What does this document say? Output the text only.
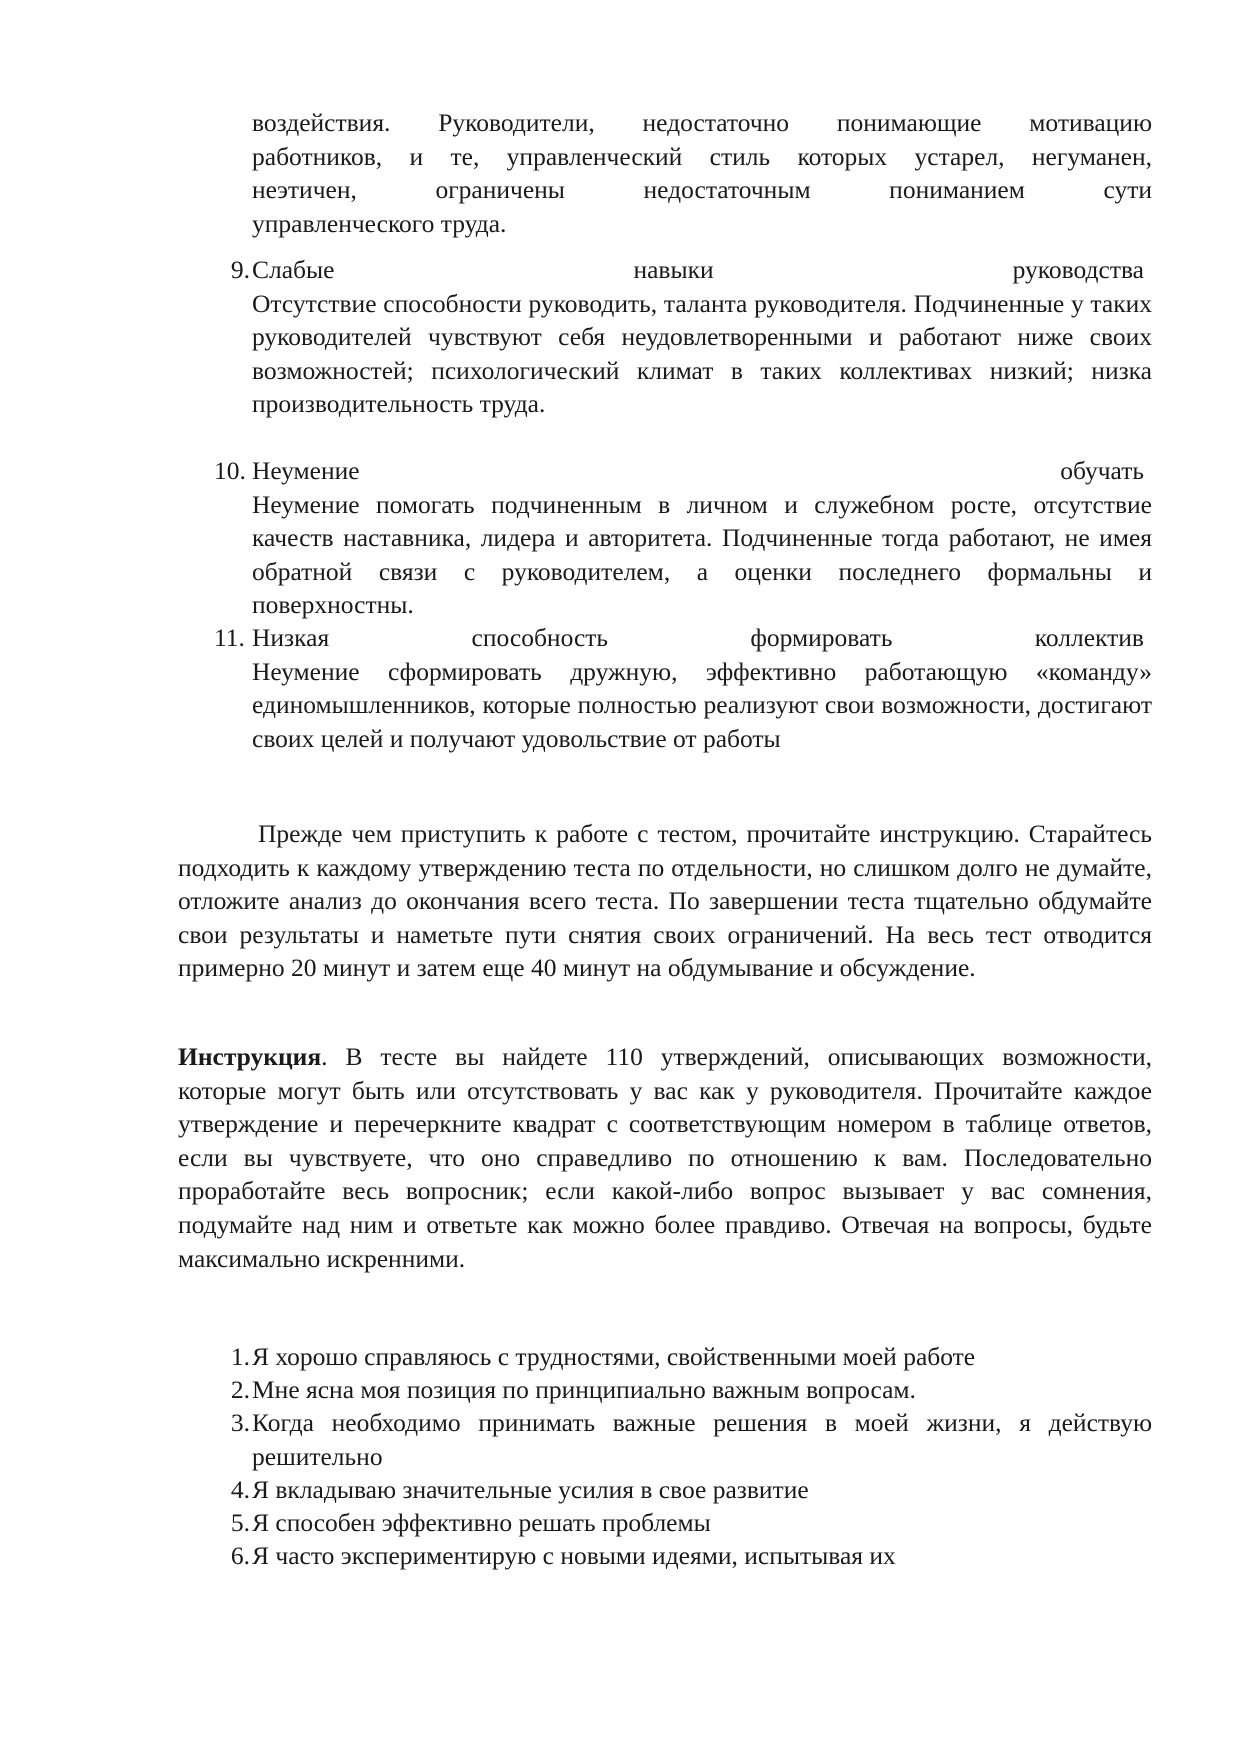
воздействия. Руководители, недостаточно понимающие мотивацию
работников, и те, управленческий стиль которых устарел, негуманен,
неэтичен, ограничены недостаточным пониманием сути
управленческого труда.
9. Слабые	навыки	руководства
Отсутствие способности руководить, таланта руководителя. Подчиненные у таких руководителей чувствуют себя неудовлетворенными и работают ниже своих возможностей; психологический климат в таких коллективах низкий; низка производительность труда.
10. Неумение	обучать
Неумение помогать подчиненным в личном и служебном росте, отсутствие качеств наставника, лидера и авторитета. Подчиненные тогда работают, не имея обратной связи с руководителем, а оценки последнего формальны и поверхностны.
11. Низкая	способность	формировать	коллектив
Неумение сформировать дружную, эффективно работающую «команду» единомышленников, которые полностью реализуют свои возможности, достигают своих целей и получают удовольствие от работы
Прежде чем приступить к работе с тестом, прочитайте инструкцию. Старайтесь подходить к каждому утверждению теста по отдельности, но слишком долго не думайте, отложите анализ до окончания всего теста. По завершении теста тщательно обдумайте свои результаты и наметьте пути снятия своих ограничений. На весь тест отводится примерно 20 минут и затем еще 40 минут на обдумывание и обсуждение.
Инструкция. В тесте вы найдете 110 утверждений, описывающих возможности, которые могут быть или отсутствовать у вас как у руководителя. Прочитайте каждое утверждение и перечеркните квадрат с соответствующим номером в таблице ответов, если вы чувствуете, что оно справедливо по отношению к вам. Последовательно проработайте весь вопросник; если какой-либо вопрос вызывает у вас сомнения, подумайте над ним и ответьте как можно более правдиво. Отвечая на вопросы, будьте максимально искренними.
1. Я хорошо справляюсь с трудностями, свойственными моей работе
2. Мне ясна моя позиция по принципиально важным вопросам.
3. Когда необходимо принимать важные решения в моей жизни, я действую решительно
4. Я вкладываю значительные усилия в свое развитие
5. Я способен эффективно решать проблемы
6. Я часто экспериментирую с новыми идеями, испытывая их
